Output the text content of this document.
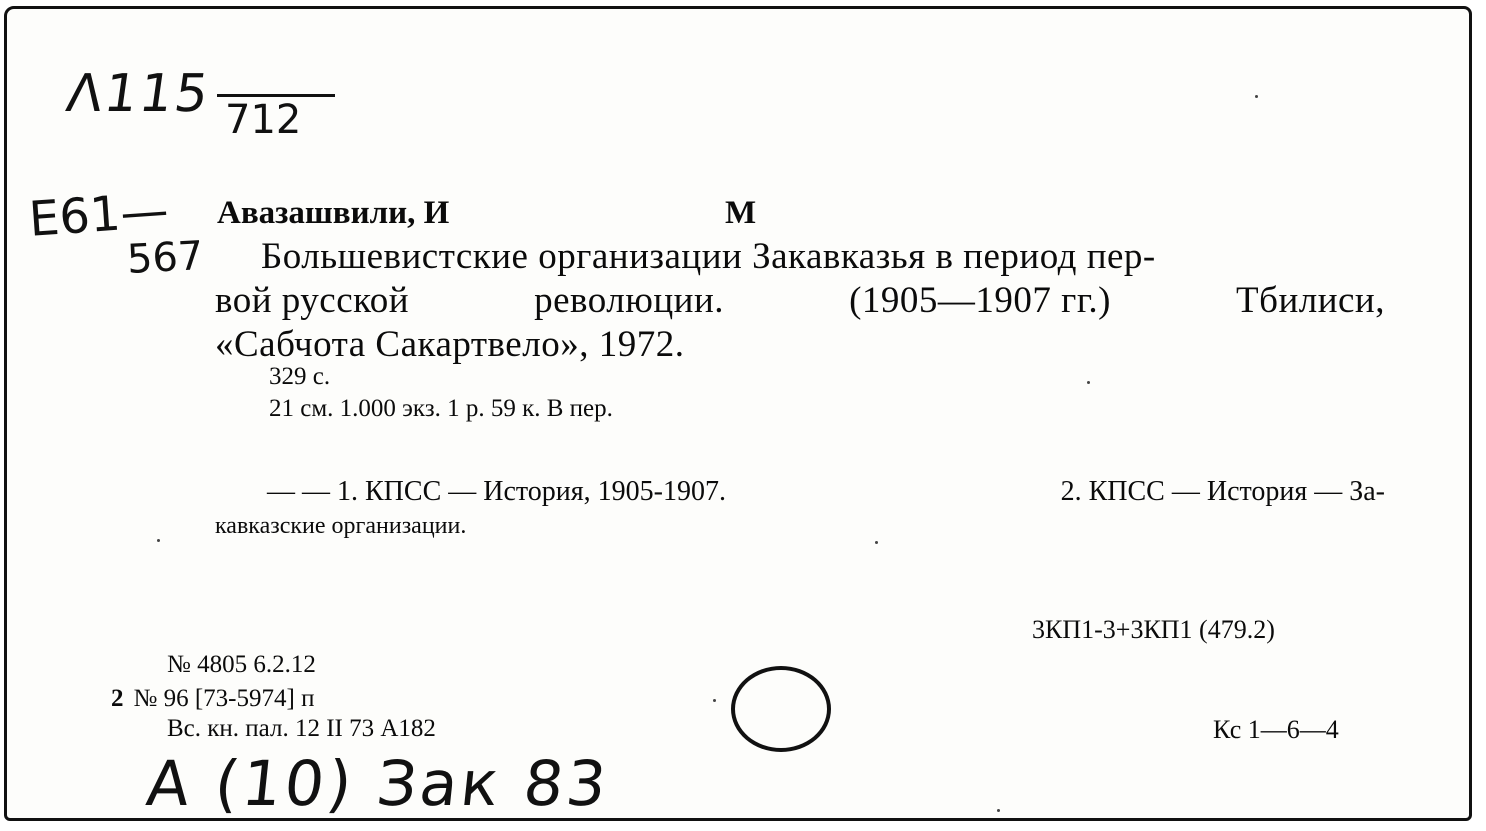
Λ115 712
E61—
567
Авазашвили, И	М
Большевистские организации Закавказья в период пер-
вой русской	революции.	(1905—1907 гг.)	Тбилиси,
«Сабчота Сакартвело», 1972.
329 с.
21 см. 1.000 экз. 1 р. 59 к. В пер.
— — 1. КПСС — История, 1905-1907.	2. КПСС — История — За-
кавказские организации.
3КП1-3+3КП1 (479.2)
№ 4805 6.2.12
2 № 96 [73-5974] п
Вс. кн. пал. 12 II 73 А182	Кс 1—6—4
A (10) Зак 83
